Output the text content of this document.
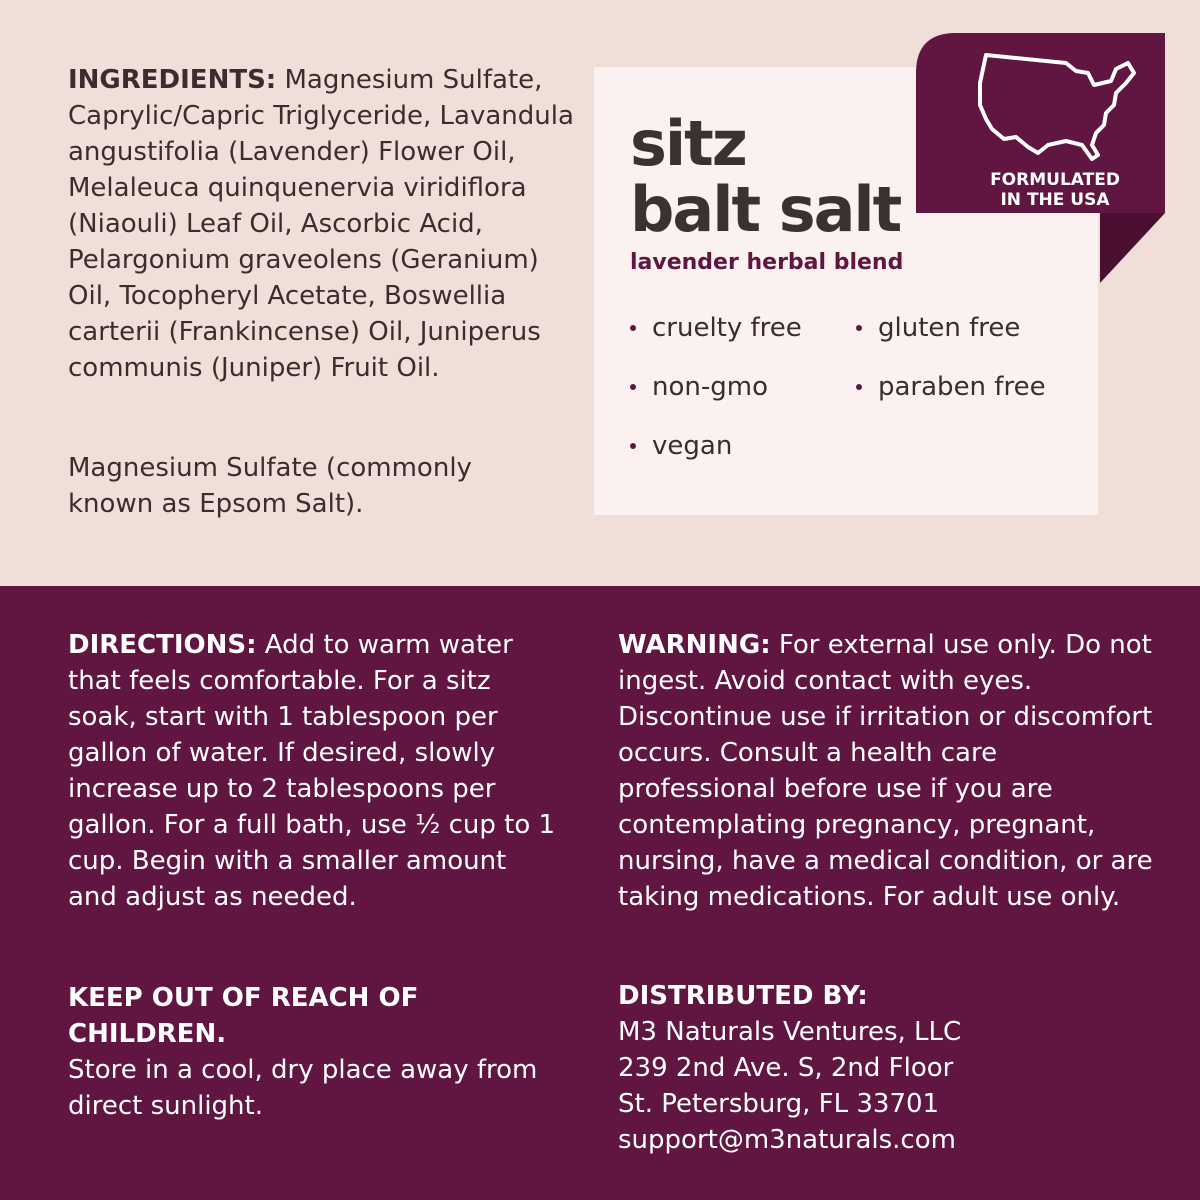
INGREDIENTS: Magnesium Sulfate, Caprylic/Capric Triglyceride, Lavandula angustifolia (Lavender) Flower Oil, Melaleuca quinquenervia viridiflora (Niaouli) Leaf Oil, Ascorbic Acid, Pelargonium graveolens (Geranium) Oil, Tocopheryl Acetate, Boswellia carterii (Frankincense) Oil, Juniperus communis (Juniper) Fruit Oil.
Magnesium Sulfate (commonly known as Epsom Salt).
sitz
balt salt
lavender herbal blend
cruelty free	gluten free
non-gmo	paraben free
vegan
FORMULATED
IN THE USA
DIRECTIONS: Add to warm water that feels comfortable. For a sitz soak, start with 1 tablespoon per gallon of water. If desired, slowly increase up to 2 tablespoons per gallon. For a full bath, use ½ cup to 1 cup. Begin with a smaller amount and adjust as needed.
WARNING: For external use only. Do not ingest. Avoid contact with eyes. Discontinue use if irritation or discomfort occurs. Consult a health care professional before use if you are contemplating pregnancy, pregnant, nursing, have a medical condition, or are taking medications. For adult use only.
KEEP OUT OF REACH OF CHILDREN.
Store in a cool, dry place away from direct sunlight.
DISTRIBUTED BY:
M3 Naturals Ventures, LLC
239 2nd Ave. S, 2nd Floor
St. Petersburg, FL 33701
support@m3naturals.com
